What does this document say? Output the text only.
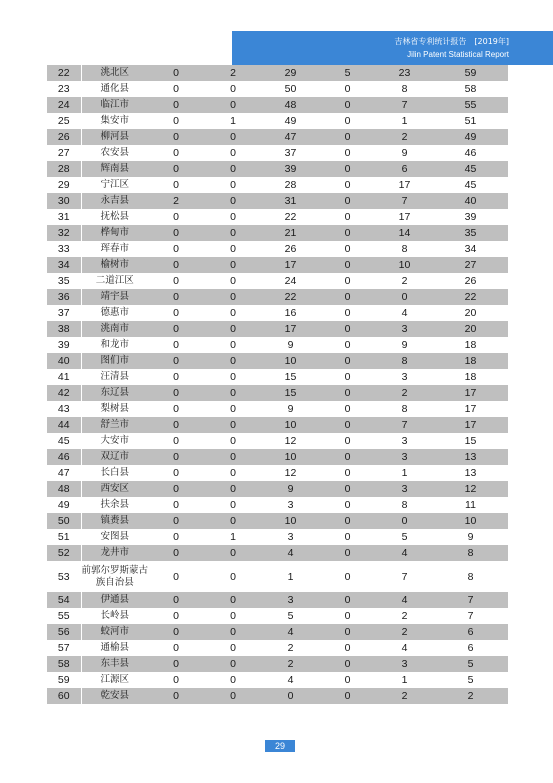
吉林省专利统计报告 [2019年]
Jilin Patent Statistical Report
22	洮北区	0	2	29	5	23	59
23	通化县	0	0	50	0	8	58
24	临江市	0	0	48	0	7	55
25	集安市	0	1	49	0	1	51
26	柳河县	0	0	47	0	2	49
27	农安县	0	0	37	0	9	46
28	辉南县	0	0	39	0	6	45
29	宁江区	0	0	28	0	17	45
30	永吉县	2	0	31	0	7	40
31	抚松县	0	0	22	0	17	39
32	桦甸市	0	0	21	0	14	35
33	珲春市	0	0	26	0	8	34
34	榆树市	0	0	17	0	10	27
35	二道江区	0	0	24	0	2	26
36	靖宇县	0	0	22	0	0	22
37	德惠市	0	0	16	0	4	20
38	洮南市	0	0	17	0	3	20
39	和龙市	0	0	9	0	9	18
40	图们市	0	0	10	0	8	18
41	汪清县	0	0	15	0	3	18
42	东辽县	0	0	15	0	2	17
43	梨树县	0	0	9	0	8	17
44	舒兰市	0	0	10	0	7	17
45	大安市	0	0	12	0	3	15
46	双辽市	0	0	10	0	3	13
47	长白县	0	0	12	0	1	13
48	西安区	0	0	9	0	3	12
49	扶余县	0	0	3	0	8	11
50	镇赉县	0	0	10	0	0	10
51	安图县	0	1	3	0	5	9
52	龙井市	0	0	4	0	4	8
53	前郭尔罗斯蒙古族自治县	0	0	1	0	7	8
54	伊通县	0	0	3	0	4	7
55	长岭县	0	0	5	0	2	7
56	蛟河市	0	0	4	0	2	6
57	通榆县	0	0	2	0	4	6
58	东丰县	0	0	2	0	3	5
59	江源区	0	0	4	0	1	5
60	乾安县	0	0	0	0	2	2
29
